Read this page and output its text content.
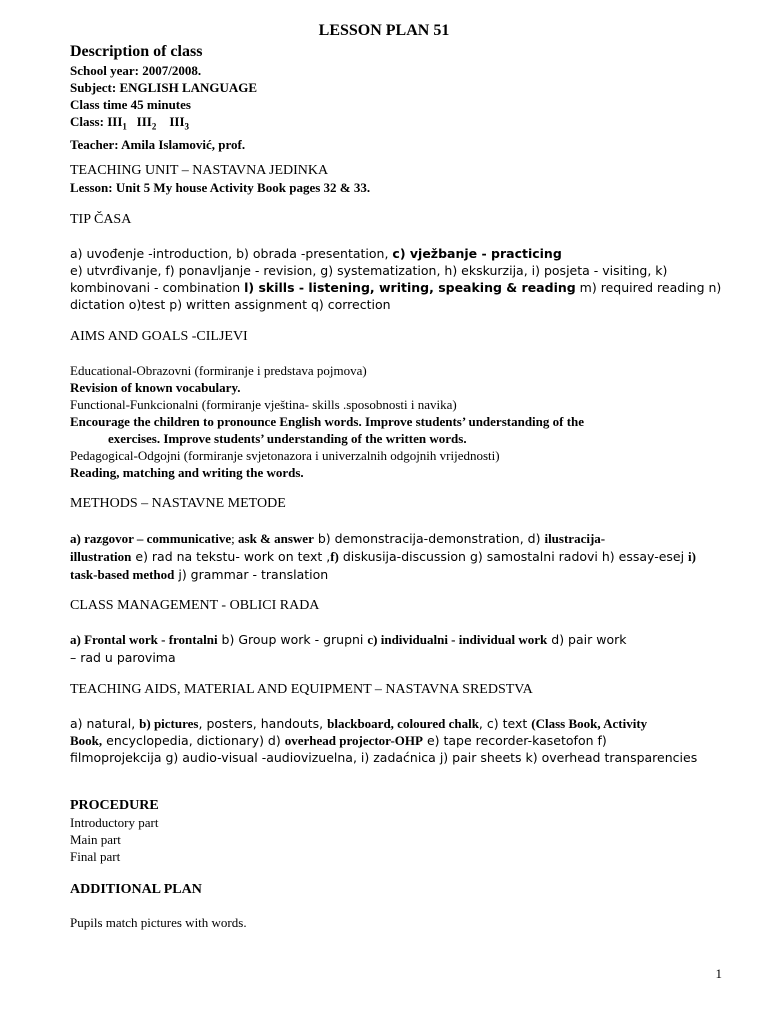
LESSON PLAN 51
Description of class
School year: 2007/2008.
Subject: ENGLISH LANGUAGE
Class time 45 minutes
Class: $III_1$ $III_2$ $III_3$
Teacher: Amila Islamović, prof.
TEACHING UNIT – NASTAVNA JEDINKA
Lesson: Unit 5 My house Activity Book pages 32 & 33.
TIP ČASA
a) uvođenje -introduction, b) obrada -presentation, c) vježbanje - practicing
e) utvrđivanje, f) ponavljanje - revision, g) systematization, h) ekskurzija, i) posjeta - visiting, k)
kombinovani - combination l) skills - listening, writing, speaking & reading m) required reading n)
dictation o)test p) written assignment q) correction
AIMS AND GOALS -CILJEVI
Educational-Obrazovni (formiranje i predstava pojmova)
Revision of known vocabulary.
Functional-Funkcionalni (formiranje vještina- skills .sposobnosti i navika)
Encourage the children to pronounce English words. Improve students’ understanding of the
exercises. Improve students’ understanding of the written words.
Pedagogical-Odgojni (formiranje svjetonazora i univerzalnih odgojnih vrijednosti)
Reading, matching and writing the words.
METHODS – NASTAVNE METODE
a) razgovor – communicative; ask & answer b) demonstracija-demonstration, d) ilustracija-
illustration e) rad na tekstu- work on text ,f) diskusija-discussion g) samostalni radovi h) essay-esej i)
task-based method j) grammar - translation
CLASS MANAGEMENT - OBLICI RADA
a) Frontal work - frontalni b) Group work - grupni c) individualni - individual work d) pair work
– rad u parovima
TEACHING AIDS, MATERIAL AND EQUIPMENT – NASTAVNA SREDSTVA
a) natural, b) pictures, posters, handouts, blackboard, coloured chalk, c) text (Class Book, Activity
Book, encyclopedia, dictionary) d) overhead projector-OHP e) tape recorder-kasetofon f)
filmoprojekcija g) audio-visual -audiovizuelna, i) zadaćnica j) pair sheets k) overhead transparencies
PROCEDURE
Introductory part
Main part
Final part
ADDITIONAL PLAN
Pupils match pictures with words.
1
